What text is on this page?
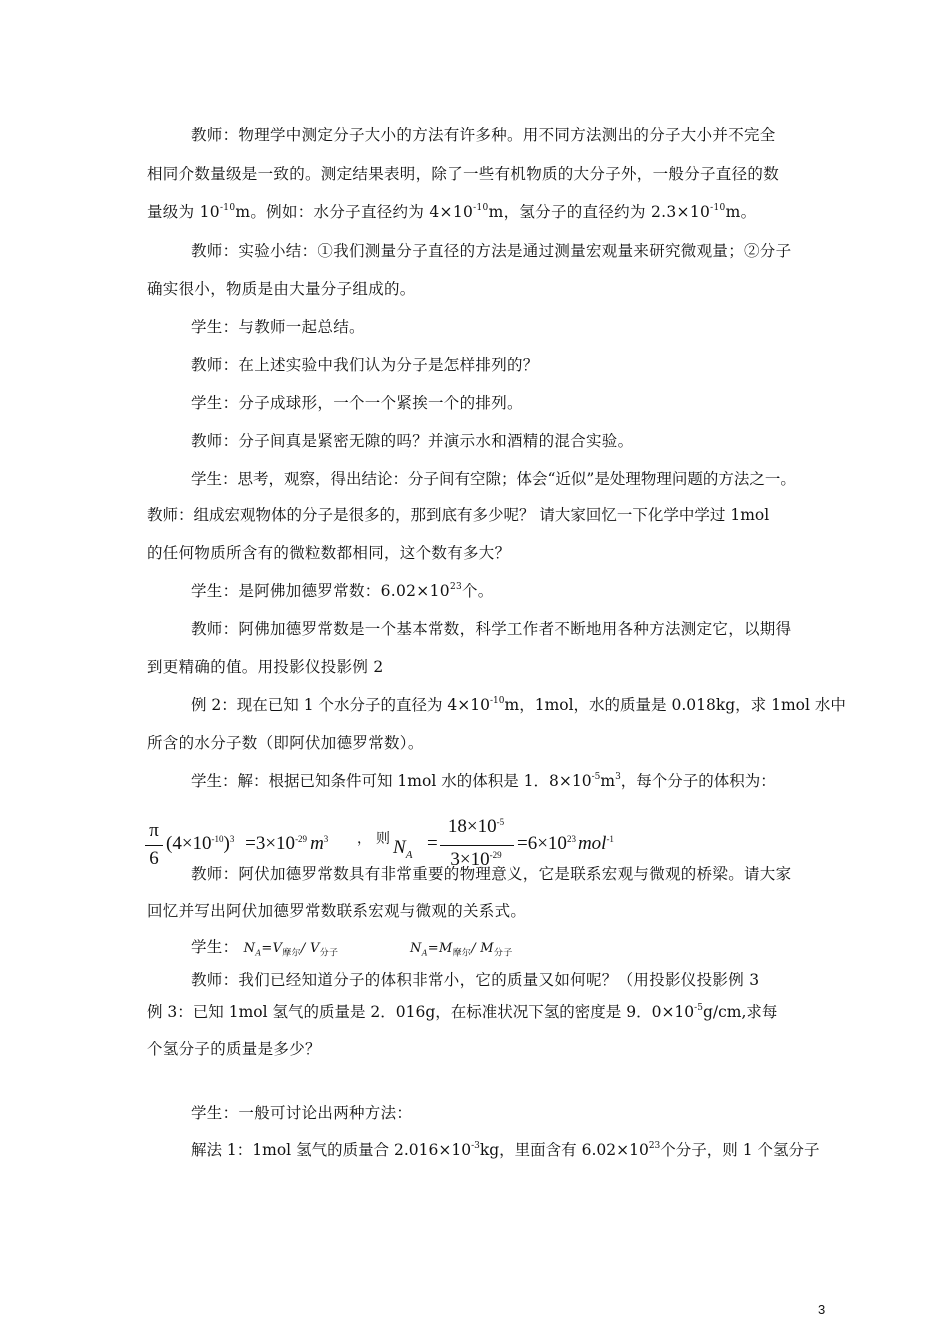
教师：物理学中测定分子大小的方法有许多种。用不同方法测出的分子大小并不完全
相同介数量级是一致的。测定结果表明，除了一些有机物质的大分子外，一般分子直径的数
量级为 $10^{-10}m$。例如：水分子直径约为 $4\times 10^{-10}m$，氢分子的直径约为 $2.3\times 10^{-10}m$。
教师：实验小结：①我们测量分子直径的方法是通过测量宏观量来研究微观量；②分子
确实很小，物质是由大量分子组成的。
学生：与教师一起总结。
教师：在上述实验中我们认为分子是怎样排列的？
学生：分子成球形，一个一个紧挨一个的排列。
教师：分子间真是紧密无隙的吗？并演示水和酒精的混合实验。
学生：思考，观察，得出结论：分子间有空隙；体会“近似”是处理物理问题的方法之一。
教师：组成宏观物体的分子是很多的，那到底有多少呢？ 请大家回忆一下化学中学过 1mol
的任何物质所含有的微粒数都相同，这个数有多大？
学生：是阿佛加德罗常数：$6.02\times 10^{23}$个。
教师：阿佛加德罗常数是一个基本常数，科学工作者不断地用各种方法测定它，以期得
到更精确的值。用投影仪投影例 2
例 2：现在已知 1 个水分子的直径为 $4\times 10^{-10}m$，1mol，水的质量是 0.018kg，求 1mol 水中
所含的水分子数（即阿伏加德罗常数）。
学生：解：根据已知条件可知 1mol 水的体积是 1．$8\times 10^{-5}m^3$，每个分子的体积为：
π
6
$(4\times 10^{-10})^3 =3\times 10^{-29}$ $m^3$ ， 则 $N_A$
=
$18\times 10^{-5}$
$3\times 10^{-29}$
$=6\times 10^{23}$ mol$^{-1}$
教师：阿伏加德罗常数具有非常重要的物理意义，它是联系宏观与微观的桥梁。请大家
回忆并写出阿伏加德罗常数联系宏观与微观的关系式。
学生： $N_A=V_{摩尔}/$ $V_{分子}$	$N_A=M_{摩尔}/$ $M_{分子}$
教师：我们已经知道分子的体积非常小，它的质量又如何呢？（用投影仪投影例 3
例 3：已知 1mol 氢气的质量是 2．016g，在标准状况下氢的密度是 9．$0\times 10^{-5}g/cm$,求每
个氢分子的质量是多少？
学生：一般可讨论出两种方法：
解法 1：1mol 氢气的质量合 $2.016\times 10^{-3}kg$，里面含有 $6.02\times 10^{23}$个分子，则 1 个氢分子
3
